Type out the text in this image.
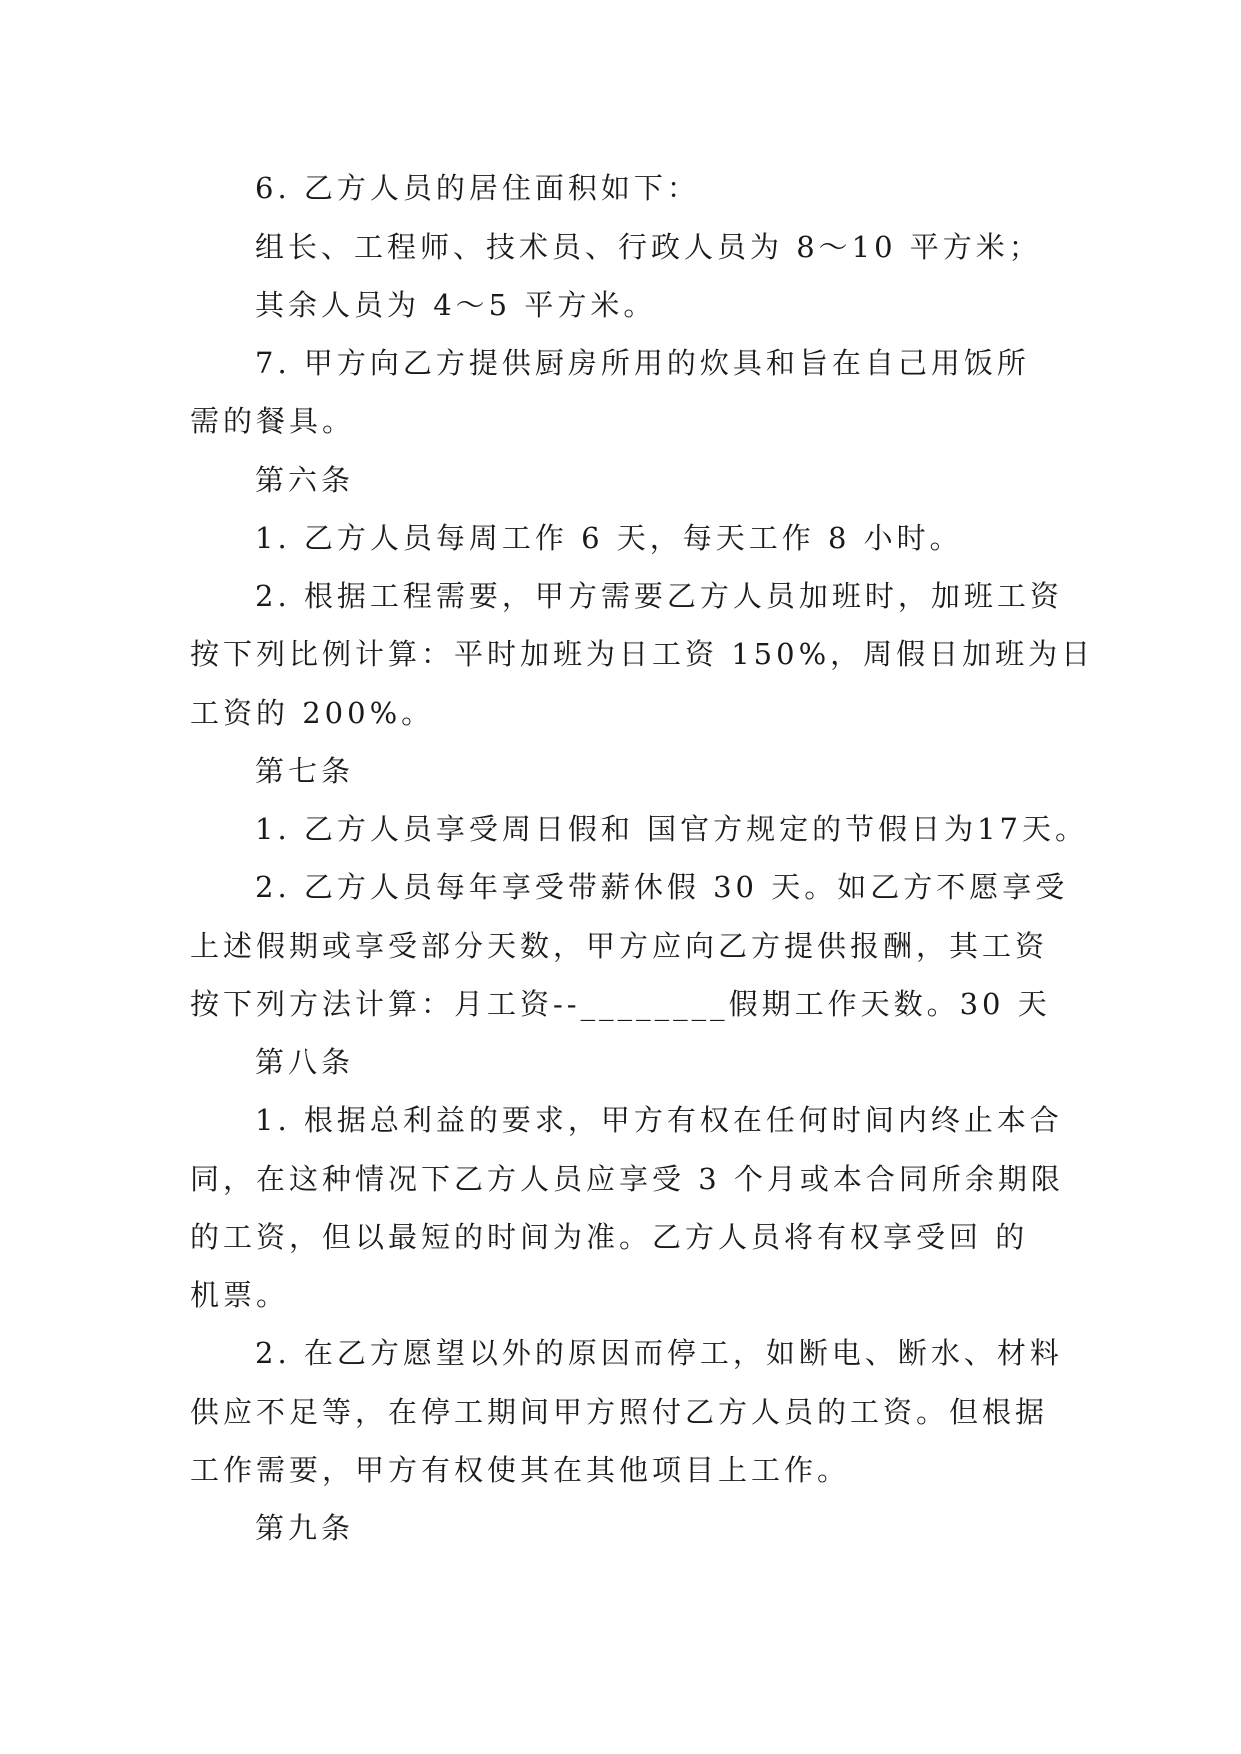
6. 乙方人员的居住面积如下：
组长、工程师、技术员、行政人员为 8～10 平方米；
其余人员为 4～5 平方米。
7. 甲方向乙方提供厨房所用的炊具和旨在自己用饭所
需的餐具。
第六条
1. 乙方人员每周工作 6 天，每天工作 8 小时。
2. 根据工程需要，甲方需要乙方人员加班时，加班工资
按下列比例计算：平时加班为日工资 150%，周假日加班为日
工资的 200%。
第七条
1. 乙方人员享受周日假和 国官方规定的节假日为17天。
2. 乙方人员每年享受带薪休假 30 天。如乙方不愿享受
上述假期或享受部分天数，甲方应向乙方提供报酬，其工资
按下列方法计算：月工资--________假期工作天数。30 天
第八条
1. 根据总利益的要求，甲方有权在任何时间内终止本合
同，在这种情况下乙方人员应享受 3 个月或本合同所余期限
的工资，但以最短的时间为准。乙方人员将有权享受回 的
机票。
2. 在乙方愿望以外的原因而停工，如断电、断水、材料
供应不足等，在停工期间甲方照付乙方人员的工资。但根据
工作需要，甲方有权使其在其他项目上工作。
第九条
